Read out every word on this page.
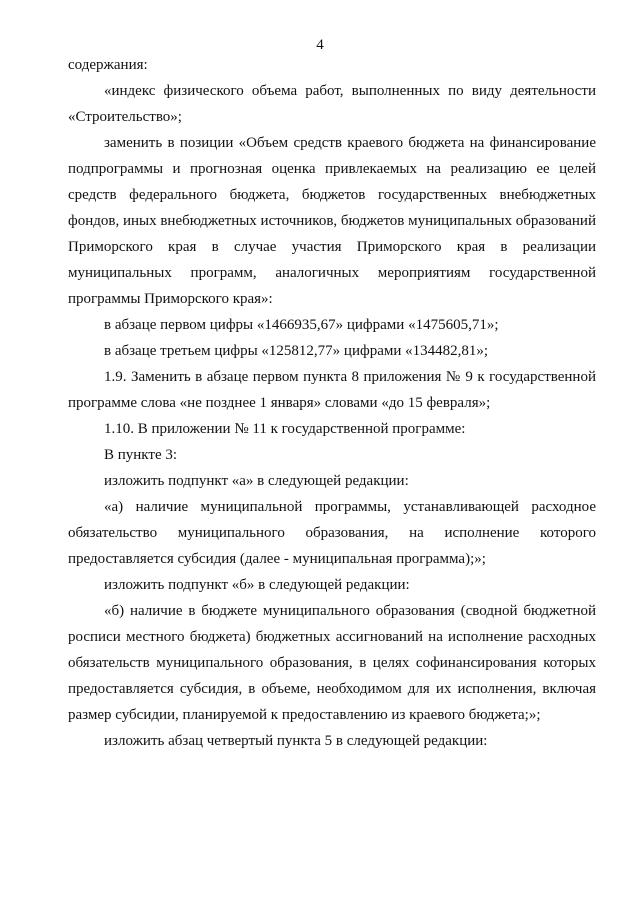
4

содержания:

«индекс физического объема работ, выполненных по виду деятельности «Строительство»;

заменить в позиции «Объем средств краевого бюджета на финансирование подпрограммы и прогнозная оценка привлекаемых на реализацию ее целей средств федерального бюджета, бюджетов государственных внебюджетных фондов, иных внебюджетных источников, бюджетов муниципальных образований Приморского края в случае участия Приморского края в реализации муниципальных программ, аналогичных мероприятиям государственной программы Приморского края»:

в абзаце первом цифры «1466935,67» цифрами «1475605,71»;

в абзаце третьем цифры «125812,77» цифрами «134482,81»;

1.9. Заменить в абзаце первом пункта 8 приложения № 9 к государственной программе слова «не позднее 1 января» словами «до 15 февраля»;

1.10. В приложении № 11 к государственной программе:

В пункте 3:

изложить подпункт «а» в следующей редакции:

«а) наличие муниципальной программы, устанавливающей расходное обязательство муниципального образования, на исполнение которого предоставляется субсидия (далее - муниципальная программа);»;

изложить подпункт «б» в следующей редакции:

«б) наличие в бюджете муниципального образования (сводной бюджетной росписи местного бюджета) бюджетных ассигнований на исполнение расходных обязательств муниципального образования, в целях софинансирования которых предоставляется субсидия, в объеме, необходимом для их исполнения, включая размер субсидии, планируемой к предоставлению из краевого бюджета;»;

изложить абзац четвертый пункта 5 в следующей редакции:
